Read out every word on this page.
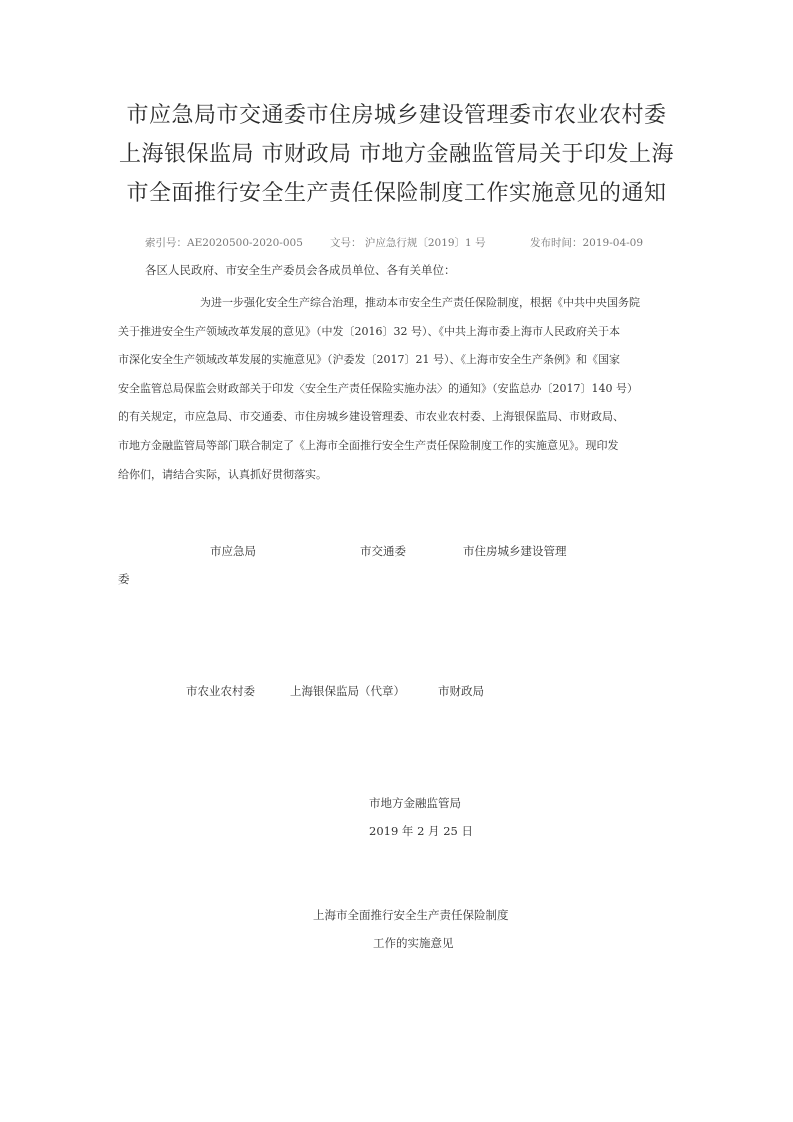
市应急局市交通委市住房城乡建设管理委市农业农村委
上海银保监局 市财政局 市地方金融监管局关于印发上海
市全面推行安全生产责任保险制度工作实施意见的通知
索引号：AE2020500-2020-005	文号： 沪应急行规〔2019〕1 号	发布时间：2019-04-09
各区人民政府、市安全生产委员会各成员单位、各有关单位：
为进一步强化安全生产综合治理，推动本市安全生产责任保险制度，根据《中共中央国务院
关于推进安全生产领域改革发展的意见》（中发〔2016〕32 号）、《中共上海市委上海市人民政府关于本
市深化安全生产领域改革发展的实施意见》（沪委发〔2017〕21 号）、《上海市安全生产条例》和《国家
安全监管总局保监会财政部关于印发〈安全生产责任保险实施办法〉的通知》（安监总办〔2017〕140 号）
的有关规定，市应急局、市交通委、市住房城乡建设管理委、市农业农村委、上海银保监局、市财政局、
市地方金融监管局等部门联合制定了《上海市全面推行安全生产责任保险制度工作的实施意见》。现印发
给你们，请结合实际，认真抓好贯彻落实。
市应急局	市交通委	市住房城乡建设管理
委
市农业农村委	上海银保监局（代章）	市财政局
市地方金融监管局
2019 年 2 月 25 日
上海市全面推行安全生产责任保险制度
工作的实施意见
